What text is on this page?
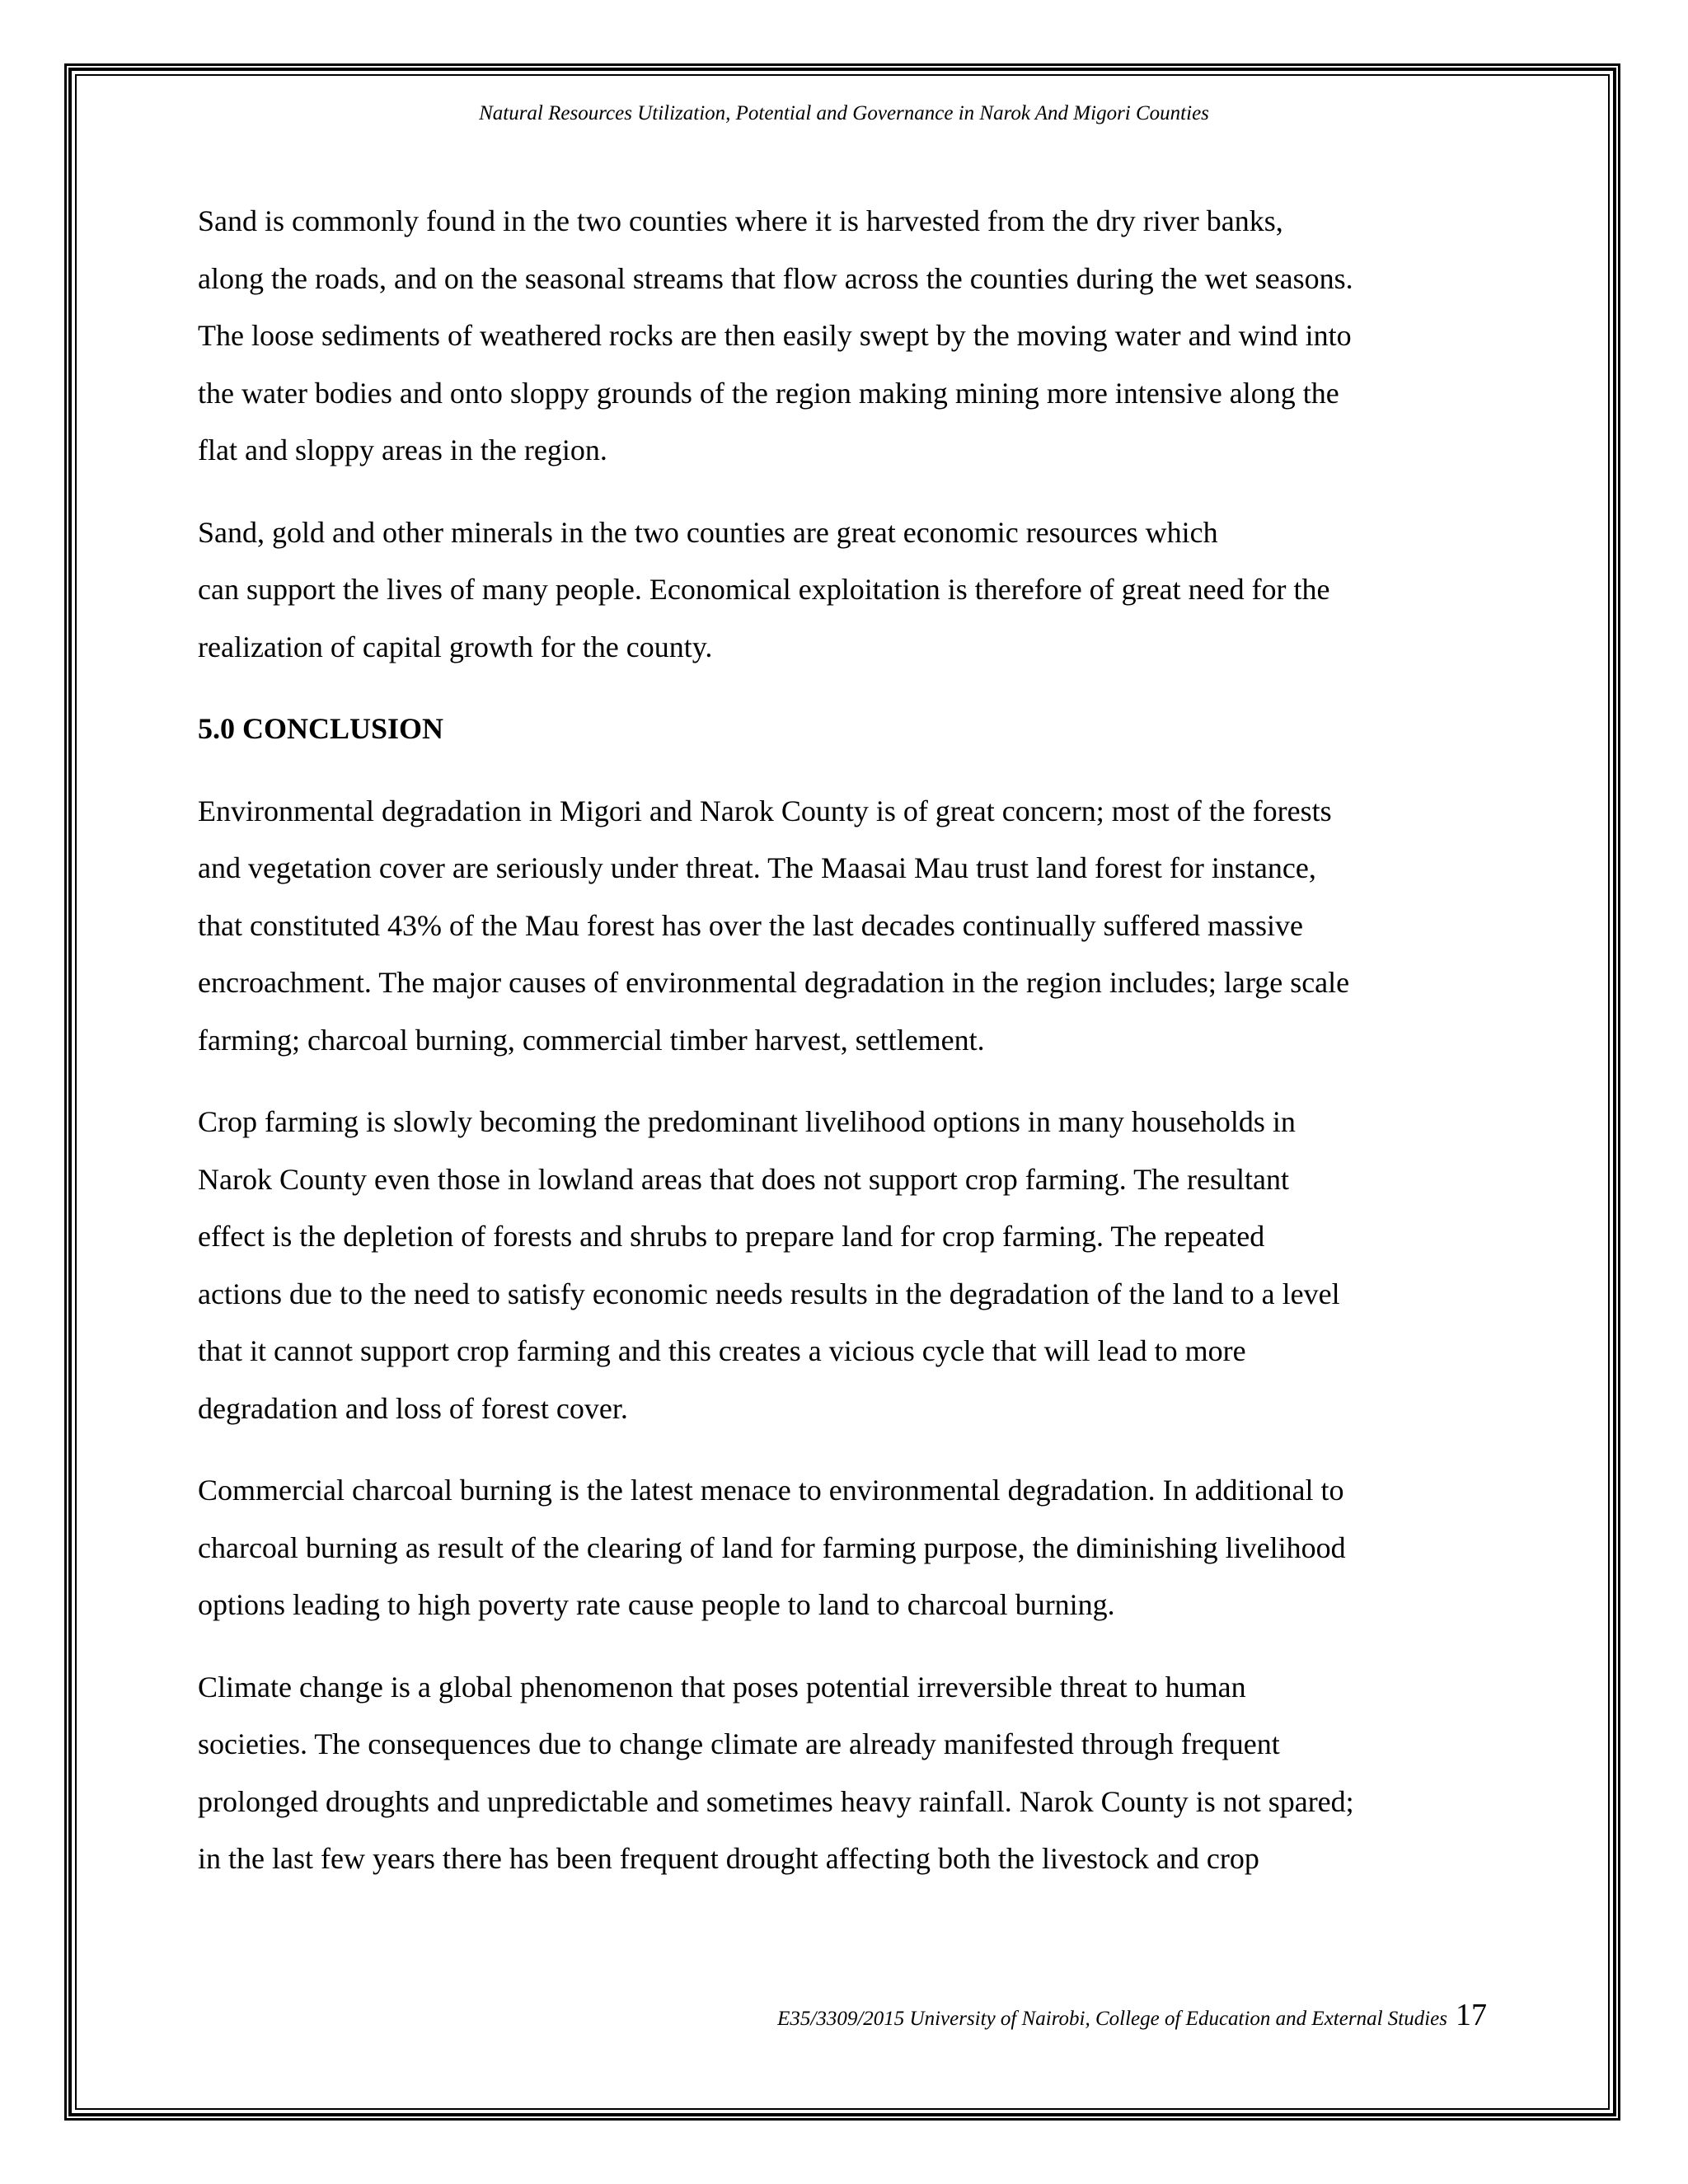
Natural Resources Utilization, Potential and Governance in Narok And Migori Counties
Sand is commonly found in the two counties where it is harvested from the dry river banks,
along the roads, and on the seasonal streams that flow across the counties during the wet seasons.
The loose sediments of weathered rocks are then easily swept by the moving water and wind into
the water bodies and onto sloppy grounds of the region making mining more intensive along the
flat and sloppy areas in the region.
Sand, gold and other minerals in the two counties are great economic resources which
can support the lives of many people. Economical exploitation is therefore of great need for the
realization of capital growth for the county.
5.0 CONCLUSION
Environmental degradation in Migori and Narok County is of great concern; most of the forests
and vegetation cover are seriously under threat. The Maasai Mau trust land forest for instance,
that constituted 43% of the Mau forest has over the last decades continually suffered massive
encroachment. The major causes of environmental degradation in the region includes; large scale
farming; charcoal burning, commercial timber harvest, settlement.
Crop farming is slowly becoming the predominant livelihood options in many households in
Narok County even those in lowland areas that does not support crop farming. The resultant
effect is the depletion of forests and shrubs to prepare land for crop farming. The repeated
actions due to the need to satisfy economic needs results in the degradation of the land to a level
that it cannot support crop farming and this creates a vicious cycle that will lead to more
degradation and loss of forest cover.
Commercial charcoal burning is the latest menace to environmental degradation. In additional to
charcoal burning as result of the clearing of land for farming purpose, the diminishing livelihood
options leading to high poverty rate cause people to land to charcoal burning.
Climate change is a global phenomenon that poses potential irreversible threat to human
societies. The consequences due to change climate are already manifested through frequent
prolonged droughts and unpredictable and sometimes heavy rainfall. Narok County is not spared;
in the last few years there has been frequent drought affecting both the livestock and crop
E35/3309/2015 University of Nairobi, College of Education and External Studies 17
